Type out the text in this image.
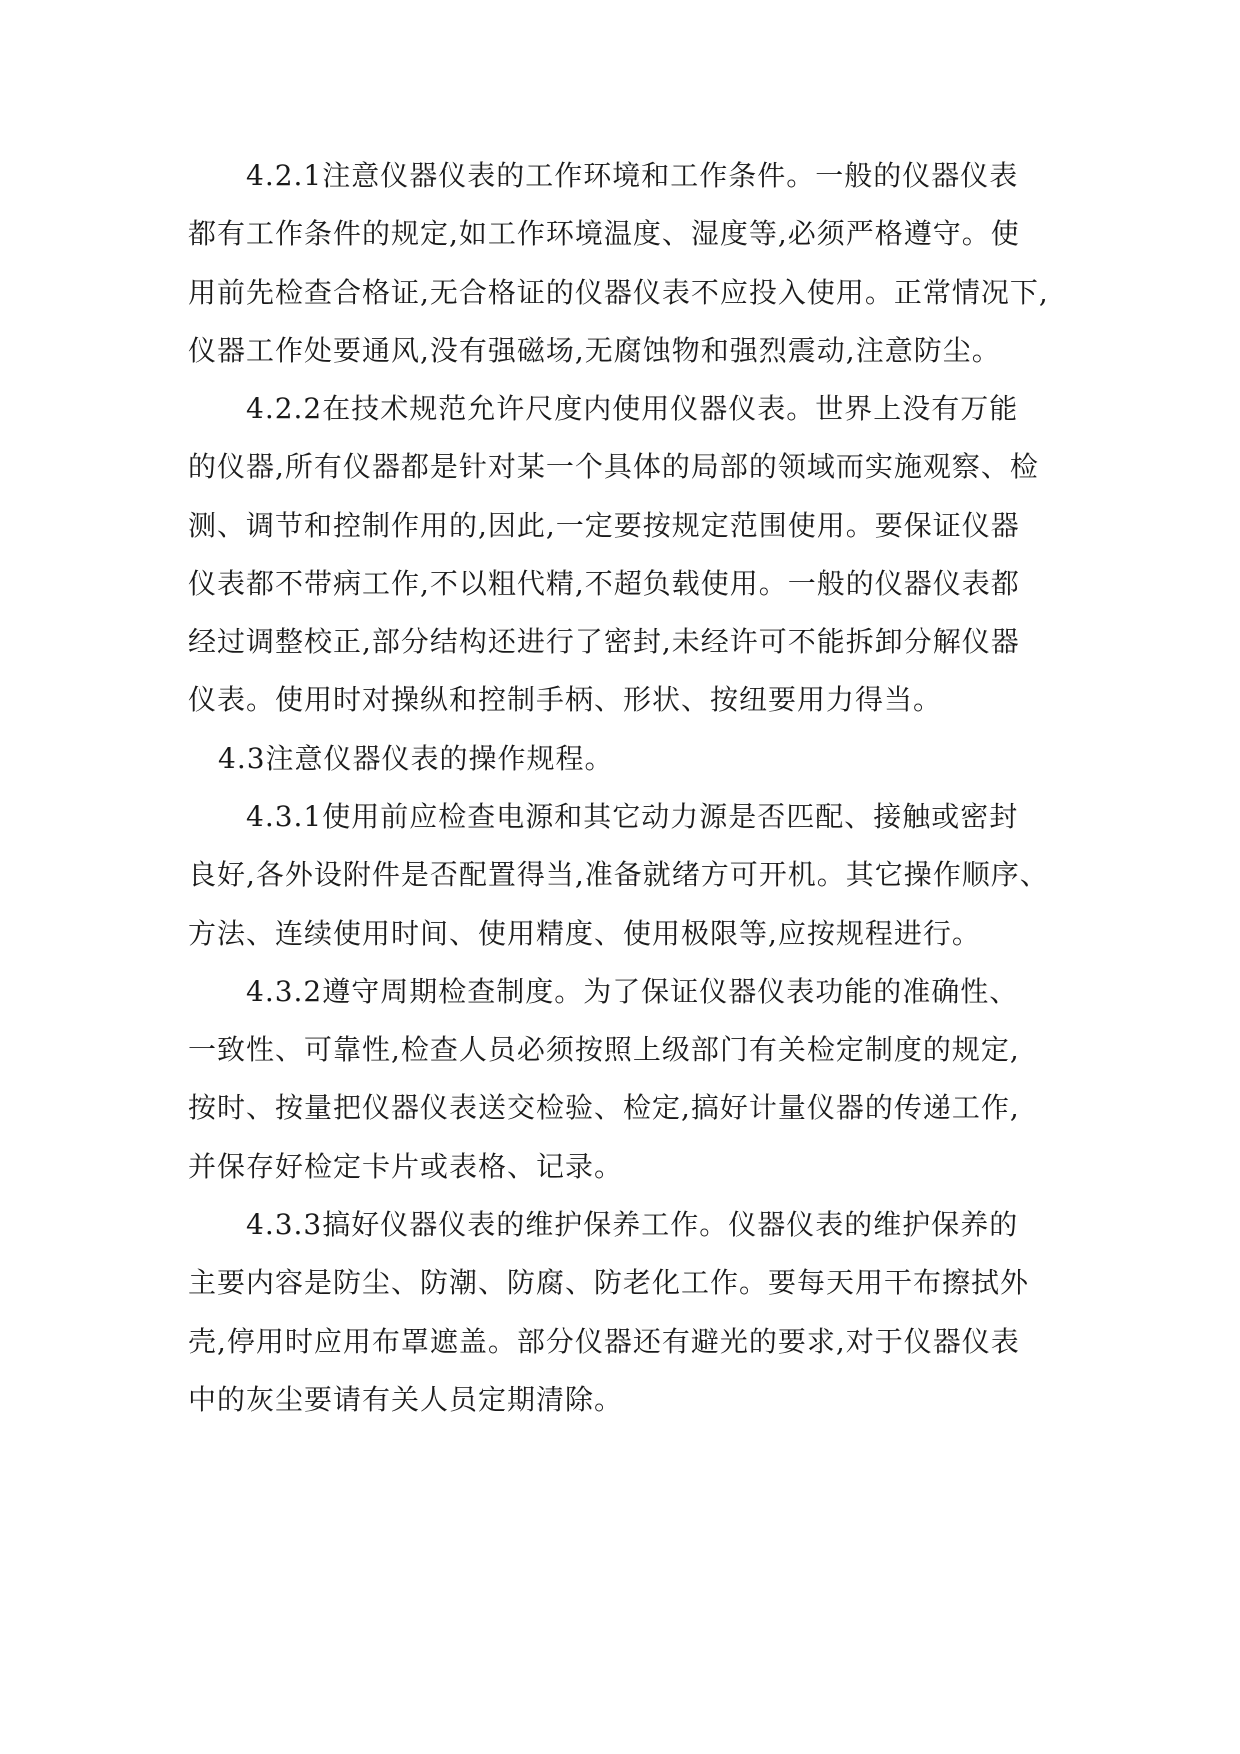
4.2.1注意仪器仪表的工作环境和工作条件。一般的仪器仪表
都有工作条件的规定,如工作环境温度、湿度等,必须严格遵守。使
用前先检查合格证,无合格证的仪器仪表不应投入使用。正常情况下,
仪器工作处要通风,没有强磁场,无腐蚀物和强烈震动,注意防尘。
4.2.2在技术规范允许尺度内使用仪器仪表。世界上没有万能
的仪器,所有仪器都是针对某一个具体的局部的领域而实施观察、检
测、调节和控制作用的,因此,一定要按规定范围使用。要保证仪器
仪表都不带病工作,不以粗代精,不超负载使用。一般的仪器仪表都
经过调整校正,部分结构还进行了密封,未经许可不能拆卸分解仪器
仪表。使用时对操纵和控制手柄、形状、按纽要用力得当。
4.3注意仪器仪表的操作规程。
4.3.1使用前应检查电源和其它动力源是否匹配、接触或密封
良好,各外设附件是否配置得当,准备就绪方可开机。其它操作顺序、
方法、连续使用时间、使用精度、使用极限等,应按规程进行。
4.3.2遵守周期检查制度。为了保证仪器仪表功能的准确性、
一致性、可靠性,检查人员必须按照上级部门有关检定制度的规定,
按时、按量把仪器仪表送交检验、检定,搞好计量仪器的传递工作,
并保存好检定卡片或表格、记录。
4.3.3搞好仪器仪表的维护保养工作。仪器仪表的维护保养的
主要内容是防尘、防潮、防腐、防老化工作。要每天用干布擦拭外
壳,停用时应用布罩遮盖。部分仪器还有避光的要求,对于仪器仪表
中的灰尘要请有关人员定期清除。
